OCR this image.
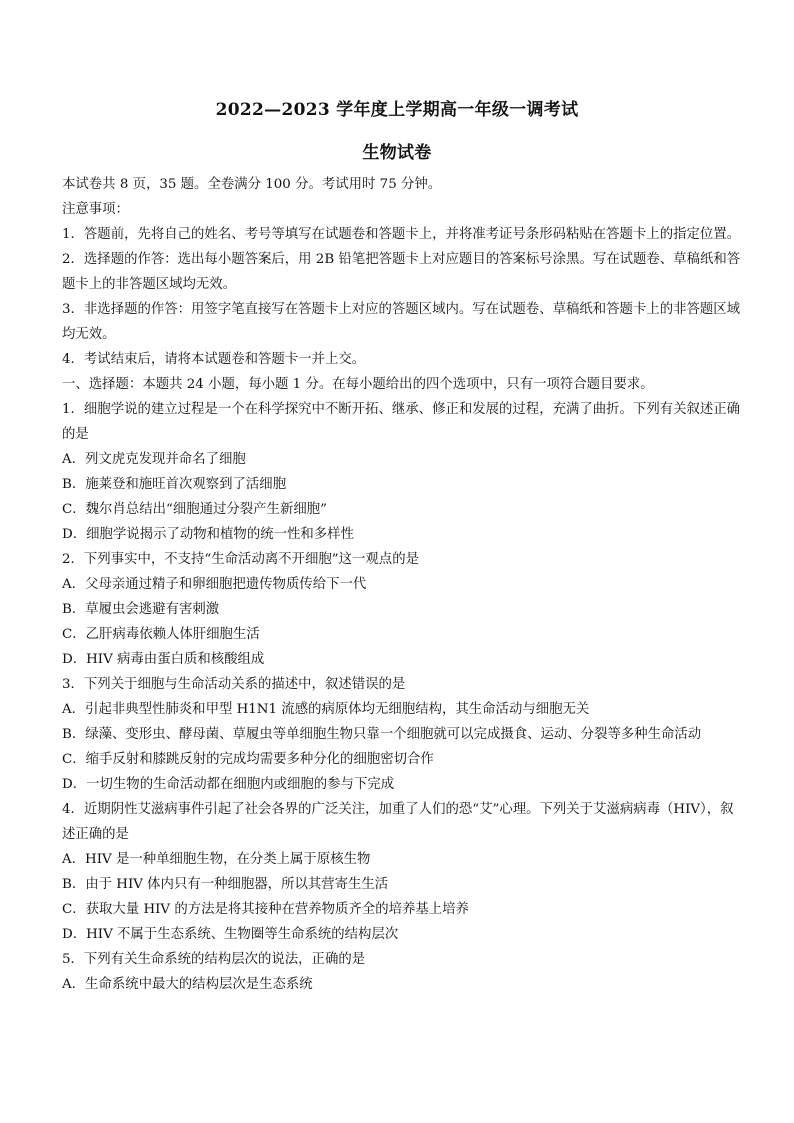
2022—2023 学年度上学期高一年级一调考试
生物试卷

本试卷共 8 页，35 题。全卷满分 100 分。考试用时 75 分钟。

注意事项：

1．答题前，先将自己的姓名、考号等填写在试题卷和答题卡上，并将准考证号条形码粘贴在答题卡上的指定位置。

2．选择题的作答：选出每小题答案后，用 2B 铅笔把答题卡上对应题目的答案标号涂黑。写在试题卷、草稿纸和答题卡上的非答题区域均无效。

3．非选择题的作答：用签字笔直接写在答题卡上对应的答题区域内。写在试题卷、草稿纸和答题卡上的非答题区域均无效。

4．考试结束后，请将本试题卷和答题卡一并上交。

一、选择题：本题共 24 小题，每小题 1 分。在每小题给出的四个选项中，只有一项符合题目要求。

1．细胞学说的建立过程是一个在科学探究中不断开拓、继承、修正和发展的过程，充满了曲折。下列有关叙述正确的是

A．列文虎克发现并命名了细胞

B．施莱登和施旺首次观察到了活细胞

C．魏尔肖总结出“细胞通过分裂产生新细胞”

D．细胞学说揭示了动物和植物的统一性和多样性

2．下列事实中，不支持“生命活动离不开细胞”这一观点的是

A．父母亲通过精子和卵细胞把遗传物质传给下一代

B．草履虫会逃避有害刺激

C．乙肝病毒依赖人体肝细胞生活

D．HIV 病毒由蛋白质和核酸组成

3．下列关于细胞与生命活动关系的描述中，叙述错误的是

A．引起非典型性肺炎和甲型 H1N1 流感的病原体均无细胞结构，其生命活动与细胞无关

B．绿藻、变形虫、酵母菌、草履虫等单细胞生物只靠一个细胞就可以完成摄食、运动、分裂等多种生命活动

C．缩手反射和膝跳反射的完成均需要多种分化的细胞密切合作

D．一切生物的生命活动都在细胞内或细胞的参与下完成

4．近期阴性艾滋病事件引起了社会各界的广泛关注，加重了人们的恐“艾”心理。下列关于艾滋病病毒（HIV），叙述正确的是

A．HIV 是一种单细胞生物，在分类上属于原核生物

B．由于 HIV 体内只有一种细胞器，所以其营寄生生活

C．获取大量 HIV 的方法是将其接种在营养物质齐全的培养基上培养

D．HIV 不属于生态系统、生物圈等生命系统的结构层次

5．下列有关生命系统的结构层次的说法，正确的是

A．生命系统中最大的结构层次是生态系统
